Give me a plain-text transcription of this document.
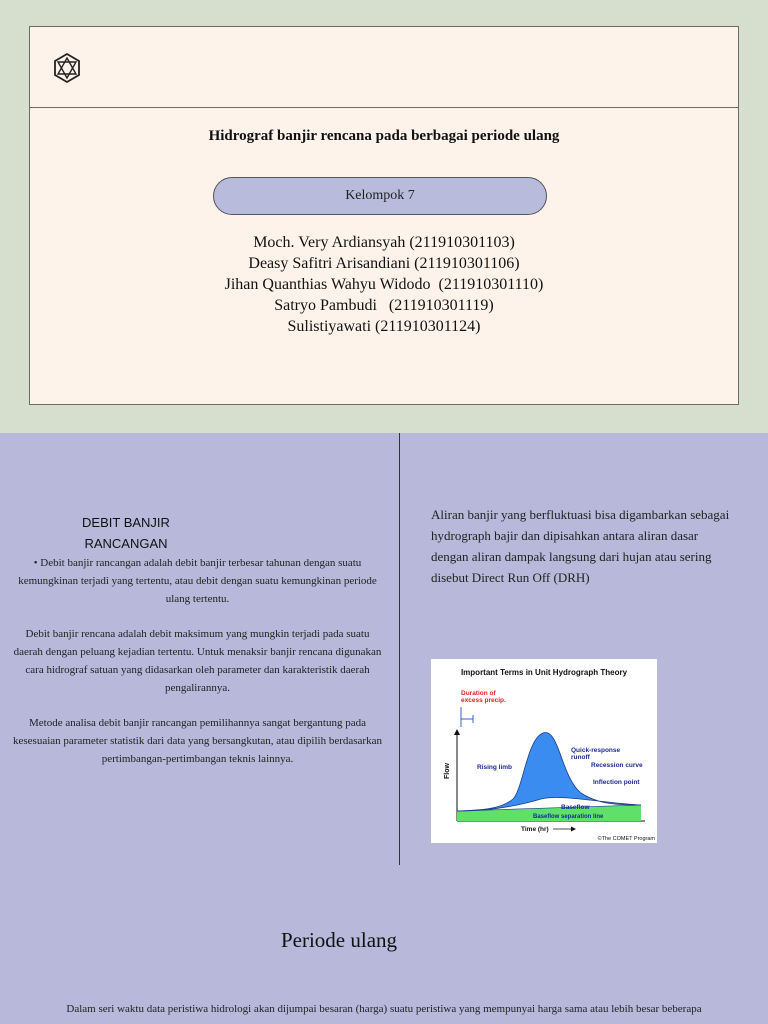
Hidrograf banjir rencana pada berbagai periode ulang
Kelompok 7
Moch. Very Ardiansyah (211910301103)
Deasy Safitri Arisandiani (211910301106)
Jihan Quanthias Wahyu Widodo  (211910301110)
Satryo Pambudi   (211910301119)
Sulistiyawati (211910301124)
DEBIT BANJIR
RANCANGAN

• Debit banjir rancangan adalah debit banjir terbesar tahunan dengan suatu kemungkinan terjadi yang tertentu, atau debit dengan suatu kemungkinan periode ulang tertentu.

Debit banjir rencana adalah debit maksimum yang mungkin terjadi pada suatu daerah dengan peluang kejadian tertentu. Untuk menaksir banjir rencana digunakan cara hidrograf satuan yang didasarkan oleh parameter dan karakteristik daerah pengalirannya.

Metode analisa debit banjir rancangan pemilihannya sangat bergantung pada kesesuaian parameter statistik dari data yang bersangkutan, atau dipilih berdasarkan pertimbangan-pertimbangan teknis lainnya.

Aliran banjir yang berfluktuasi bisa digambarkan sebagai hydrograph bajir dan dipisahkan antara aliran dasar dengan aliran dampak langsung dari hujan atau sering disebut Direct Run Off (DRH)
Important Terms in Unit Hydrograph Theory
Duration of
excess precip.
Flow	Rising limb
Quick-response
runoff
Recession curve
Inflection point
Baseflow
Baseflow separation line
Time (hr)
©The COMET Program
Periode ulang
Dalam seri waktu data peristiwa hidrologi akan dijumpai besaran (harga) suatu peristiwa yang mempunyai harga sama atau lebih besar beberapa
